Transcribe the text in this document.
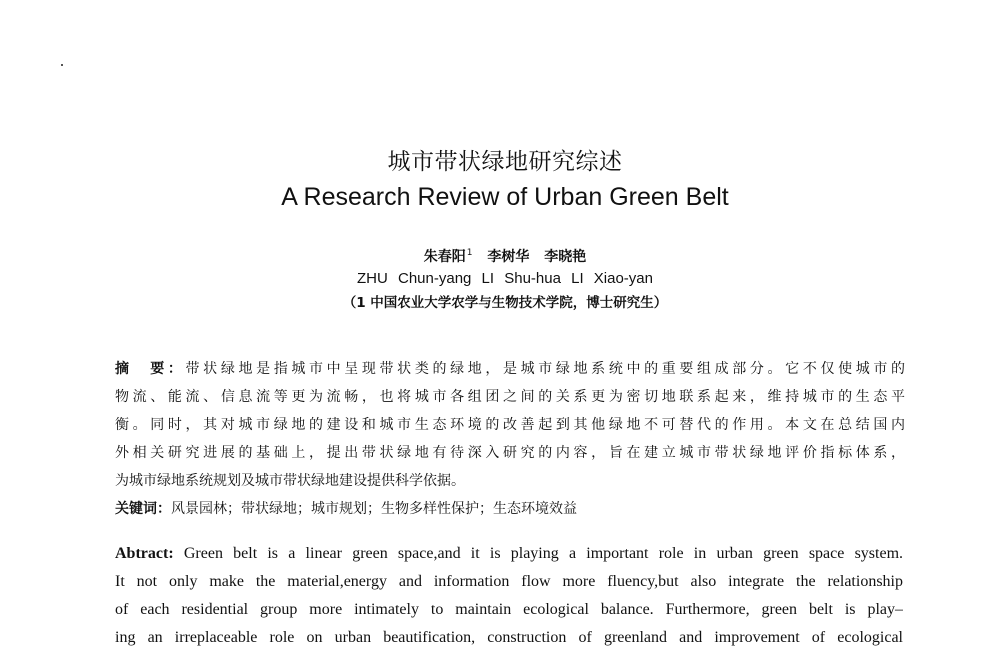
城市带状绿地研究综述
A Research Review of Urban Green Belt
朱春阳$^1$ 李树华 李晓艳
ZHU Chun-yang LI Shu-hua LI Xiao-yan
（1 中国农业大学农学与生物技术学院，博士研究生）
摘　要：带状绿地是指城市中呈现带状类的绿地，是城市绿地系统中的重要组成部分。它不仅使城市的
物流、能流、信息流等更为流畅，也将城市各组团之间的关系更为密切地联系起来，维持城市的生态平
衡。同时，其对城市绿地的建设和城市生态环境的改善起到其他绿地不可替代的作用。本文在总结国内
外相关研究进展的基础上，提出带状绿地有待深入研究的内容，旨在建立城市带状绿地评价指标体系，
为城市绿地系统规划及城市带状绿地建设提供科学依据。
关键词：风景园林；带状绿地；城市规划；生物多样性保护；生态环境效益
Abtract: Green belt is a linear green space,and it is playing a important role in urban green space system.
It not only make the material,energy and information flow more fluency,but also integrate the relationship
of each residential group more intimately to maintain ecological balance. Furthermore, green belt is play–
ing an irreplaceable role on urban beautification, construction of greenland and improvement of ecological
